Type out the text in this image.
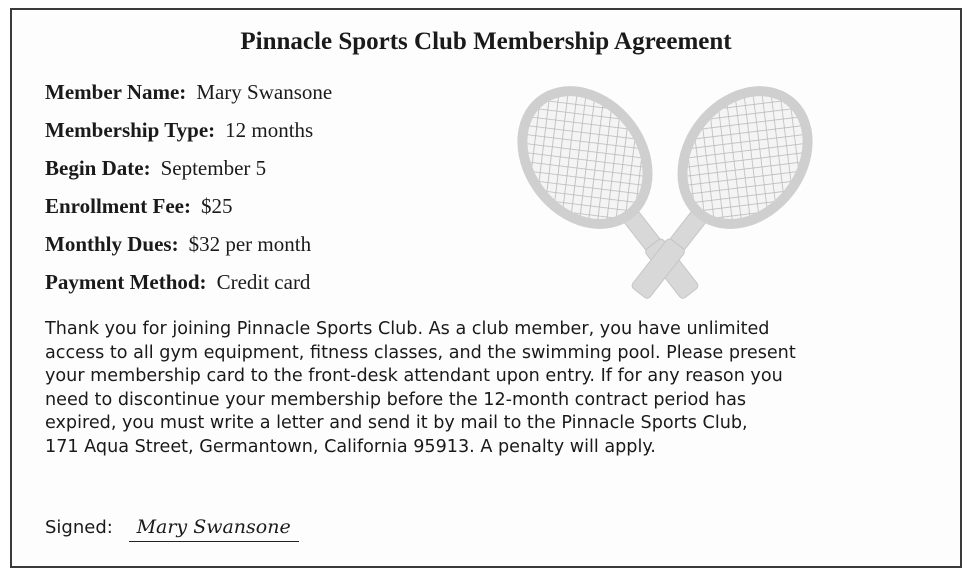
Pinnacle Sports Club Membership Agreement
Member Name: Mary Swansone
Membership Type: 12 months
Begin Date: September 5
Enrollment Fee: $25
Monthly Dues: $32 per month
Payment Method: Credit card
Thank you for joining Pinnacle Sports Club. As a club member, you have unlimited
access to all gym equipment, fitness classes, and the swimming pool. Please present
your membership card to the front-desk attendant upon entry. If for any reason you
need to discontinue your membership before the 12-month contract period has
expired, you must write a letter and send it by mail to the Pinnacle Sports Club,
171 Aqua Street, Germantown, California 95913. A penalty will apply.
Signed: Mary Swansone
